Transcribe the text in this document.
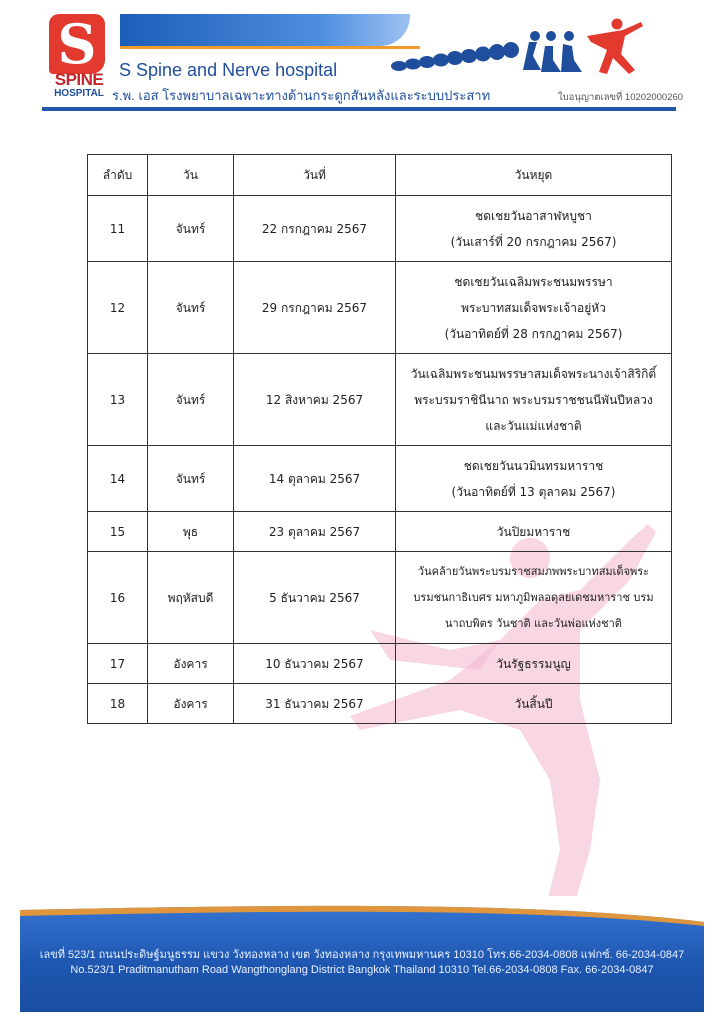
S
SPINE
HOSPITAL
S Spine and Nerve hospital
ร.พ. เอส โรงพยาบาลเฉพาะทางด้านกระดูกสันหลังและระบบประสาท	ใบอนุญาตเลขที่ 10202000260
ลำดับ	วัน	วันที่	วันหยุด
11	จันทร์	22 กรกฎาคม 2567	ชดเชยวันอาสาฬหบูชา
(วันเสาร์ที่ 20 กรกฎาคม 2567)

12	จันทร์	29 กรกฎาคม 2567	ชดเชยวันเฉลิมพระชนมพรรษา
พระบาทสมเด็จพระเจ้าอยู่หัว
(วันอาทิตย์ที่ 28 กรกฎาคม 2567)

13	จันทร์	12 สิงหาคม 2567	วันเฉลิมพระชนมพรรษาสมเด็จพระนางเจ้าสิริกิติ์
พระบรมราชินีนาถ พระบรมราชชนนีพันปีหลวง
และวันแม่แห่งชาติ

14	จันทร์	14 ตุลาคม 2567	ชดเชยวันนวมินทรมหาราช
(วันอาทิตย์ที่ 13 ตุลาคม 2567)

15	พุธ	23 ตุลาคม 2567	วันปิยมหาราช

16	พฤหัสบดี	5 ธันวาคม 2567	วันคล้ายวันพระบรมราชสมภพพระบาทสมเด็จพระ
บรมชนกาธิเบศร มหาภูมิพลอดุลยเดชมหาราช บรม
นาถบพิตร วันชาติ และวันพ่อแห่งชาติ

17	อังคาร	10 ธันวาคม 2567	วันรัฐธรรมนูญ

18	อังคาร	31 ธันวาคม 2567	วันสิ้นปี
เลขที่ 523/1 ถนนประดิษฐ์มนูธรรม แขวง วังทองหลาง เขต วังทองหลาง กรุงเทพมหานคร 10310 โทร.66-2034-0808 แฟกซ์. 66-2034-0847
No.523/1 Praditmanutham Road Wangthonglang District Bangkok Thailand 10310 Tel.66-2034-0808 Fax. 66-2034-0847
